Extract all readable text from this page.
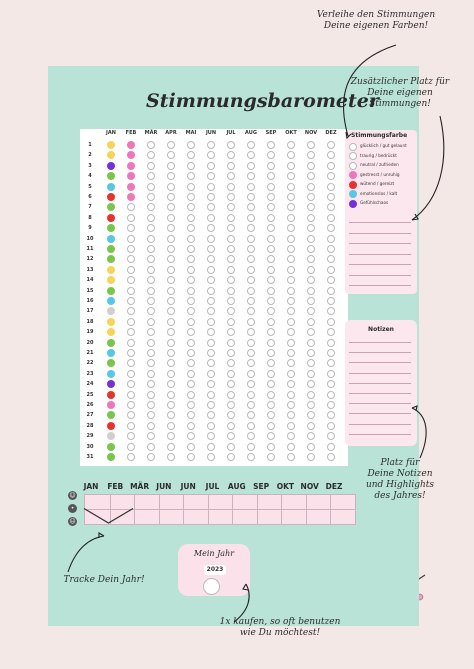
Stimmungsbarometer
JAN	FEB	MÄR	APR	MAI	JUN	JUL	AUG	SEP	OKT	NOV	DEZ
1
2
3
4
5
6
7
8
9
10
11
12
13
14
15
16
17
18
19
20
21
22
23
24
25
26
27
28
29
30
31
Stimmungsfarbe
glücklich / gut gelaunt
traurig / bedrückt
neutral / zufrieden
gestresst / unruhig
wütend / gereizt
emotionslos / kalt
Gefühlschaos
Notizen
JAN	FEB MÄR JUN	JUN	JUL	AUG SEP	OKT NOV DEZ
☺
•
☹
Mein Jahr
2023
Verleihe den Stimmungen
Deine eigenen Farben!
Zusätzlicher Platz für
Deine eigenen
Stimmungen!
Platz für
Deine Notizen
und Highlights
des Jahres!
Tracke Dein Jahr!
1x kaufen, so oft benutzen
wie Du möchtest!
